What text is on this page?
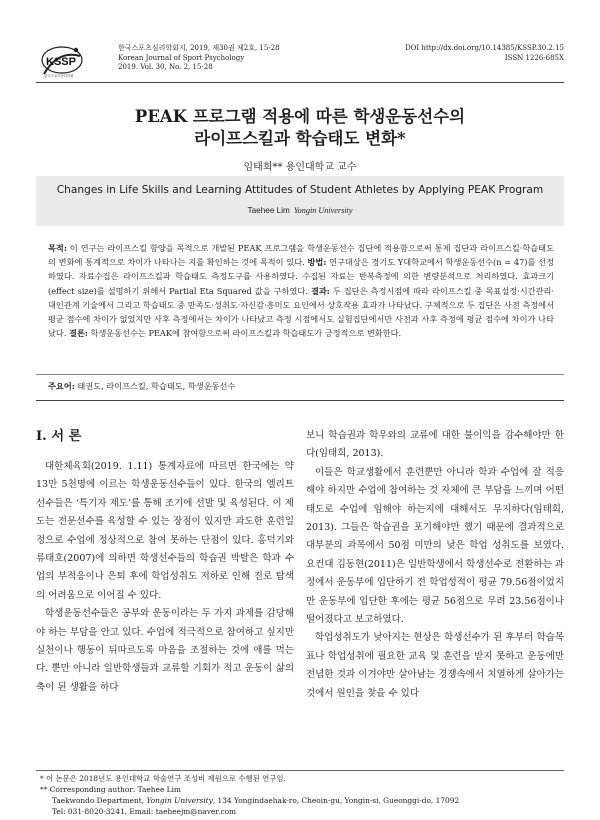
KSSP
한국스포츠심리학회
한국스포츠심리학회지, 2019, 제30권 제2호, 15-28
Korean Journal of Sport Psychology
2019. Vol. 30, No. 2, 15-28
DOI http://dx.doi.org/10.14385/KSSP.30.2.15
ISSN 1226-685X
PEAK 프로그램 적용에 따른 학생운동선수의
라이프스킬과 학습태도 변화*
임태희** 용인대학교 교수
Changes in Life Skills and Learning Attitudes of Student Athletes by Applying PEAK Program
Taehee Lim Yongin University
목적: 이 연구는 라이프스킬 함양을 목적으로 개발된 PEAK 프로그램을 학생운동선수 집단에 적용함으로써 통제 집단과 라이프스킬·학습태도의 변화에 통계적으로 차이가 나타나는 지를 확인하는 것에 목적이 있다. 방법: 연구대상은 경기도 Y대학교에서 학생운동선수(n = 47)를 선정하였다. 자료수집은 라이프스킬과 학습태도 측정도구를 사용하였다. 수집된 자료는 반복측정에 의한 변량분석으로 처리하였다. 효과크기(effect size)를 설명하기 위해서 Partial Eta Squared 값을 구하였다. 결과: 두 집단은 측정시점에 따라 라이프스킬 중 목표설정·시간관리·대인관계 기술에서 그리고 학습태도 중 만족도·성취도·자신감·흥미도 요인에서 상호작용 효과가 나타났다. 구체적으로 두 집단은 사전 측정에서 평균 점수에 차이가 없었지만 사후 측정에서는 차이가 나타났고 측정 시점에서도 실험집단에서만 사전과 사후 측정에 평균 점수에 차이가 나타났다. 결론: 학생운동선수는 PEAK에 참여함으로써 라이프스킬과 학습태도가 긍정적으로 변화한다.
주요어: 태권도, 라이프스킬, 학습태도, 학생운동선수
I. 서 론

대한체육회(2019. 1.11) 통계자료에 따르면 한국에는 약 13만 5천명에 이르는 학생운동선수들이 있다. 한국의 엘리트 선수들은 ‘특기자 제도’를 통해 조기에 선발 및 육성된다. 이 제도는 전문선수를 육성할 수 있는 장점이 있지만 과도한 훈련일정으로 수업에 정상적으로 참여 못하는 단점이 있다. 홍덕기와 류태호(2007)에 의하면 학생선수들의 학습권 박탈은 학과 수업의 부적응이나 은퇴 후에 학업성취도 저하로 인해 진로 탐색의 어려움으로 이어질 수 있다.

학생운동선수들은 공부와 운동이라는 두 가지 과제를 감당해야 하는 부담을 안고 있다. 수업에 적극적으로 참여하고 싶지만 실천이나 행동이 뒤따르도록 마음을 조절하는 것에 애를 먹는다. 뿐만 아니라 일반학생들과 교류할 기회가 적고 운동이 삶의 축이 된 생활을 하다

보니 학습권과 학우와의 교류에 대한 불이익을 감수해야만 한다(임태희, 2013).

이들은 학교생활에서 훈련뿐만 아니라 학과 수업에 잘 적응해야 하지만 수업에 참여하는 것 자체에 큰 부담을 느끼며 어떤 태도로 수업에 임해야 하는지에 대해서도 무지하다(임태희, 2013). 그들은 학습권을 포기해야만 했기 때문에 결과적으로 대부분의 과목에서 50점 미만의 낮은 학업 성취도를 보였다. 요컨대 김동현(2011)은 일반학생에서 학생선수로 전환하는 과정에서 운동부에 입단하기 전 학업성적이 평균 79.56점이었지만 운동부에 입단한 후에는 평균 56점으로 무려 23.56점이나 떨어졌다고 보고하였다.

학업성취도가 낮아지는 현상은 학생선수가 된 후부터 학습목표나 학업성취에 필요한 교육 및 훈련을 받지 못하고 운동에만 전념한 것과 이겨야만 살아남는 경쟁속에서 치열하게 살아가는 것에서 원인을 찾을 수 있다

* 이 논문은 2018년도 용인대학교 학술연구 조성비 재원으로 수행된 연구임.
** Corresponding author: Taehee Lim
Taekwondo Department, Yongin University, 134 Yongindaehak-ro, Cheoin-gu, Yongin-si, Gueonggi-do, 17092
Tel: 031-8020-3241, Email: taeheejm@naver.com
